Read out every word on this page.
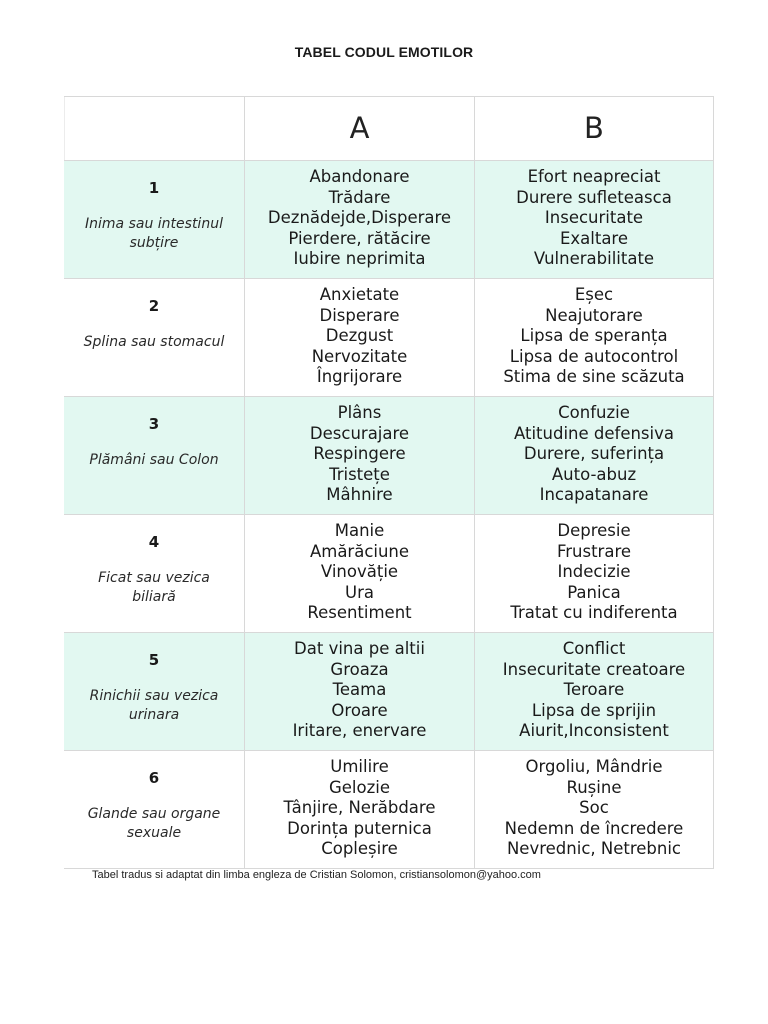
TABEL CODUL EMOTILOR
A	B
1
Inima sau intestinul subțire
Abandonare
Trădare
Deznădejde,Disperare
Pierdere, rătăcire
Iubire neprimita
Efort neapreciat
Durere sufleteasca
Insecuritate
Exaltare
Vulnerabilitate
2
Splina sau stomacul
Anxietate
Disperare
Dezgust
Nervozitate
Îngrijorare
Eșec
Neajutorare
Lipsa de speranța
Lipsa de autocontrol
Stima de sine scăzuta
3
Plămâni sau Colon
Plâns
Descurajare
Respingere
Tristețe
Mâhnire
Confuzie
Atitudine defensiva
Durere, suferința
Auto-abuz
Incapatanare
4
Ficat sau vezica biliară
Manie
Amărăciune
Vinovăție
Ura
Resentiment
Depresie
Frustrare
Indecizie
Panica
Tratat cu indiferenta
5
Rinichii sau vezica urinara
Dat vina pe altii
Groaza
Teama
Oroare
Iritare, enervare
Conflict
Insecuritate creatoare
Teroare
Lipsa de sprijin
Aiurit,Inconsistent
6
Glande sau organe sexuale
Umilire
Gelozie
Tânjire, Nerăbdare
Dorința puternica
Copleșire
Orgoliu, Mândrie
Rușine
Soc
Nedemn de încredere
Nevrednic, Netrebnic
Tabel tradus si adaptat din limba engleza de Cristian Solomon, cristiansolomon@yahoo.com
